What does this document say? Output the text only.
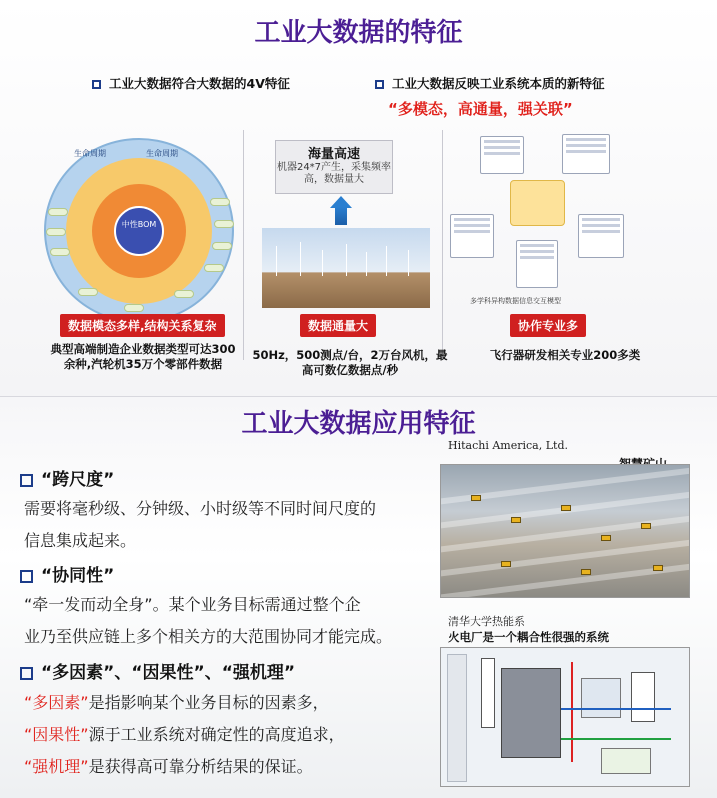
工业大数据的特征
工业大数据符合大数据的4V特征	工业大数据反映工业系统本质的新特征
“多模态，高通量，强关联”
生命周期	生命周期
中性BOM
海量高速
机器24*7产生，采集频率高，数据量大
多学科异构数据信息交互模型
数据模态多样,结构关系复杂	数据通量大	协作专业多
典型高端制造企业数据类型可达300余种,汽轮机35万个零部件数据
50Hz，500测点/台，2万台风机，最高可数亿数据点/秒
飞行器研发相关专业200多类
工业大数据应用特征
“跨尺度”
需要将毫秒级、分钟级、小时级等不同时间尺度的
信息集成起来。
“协同性”
“牵一发而动全身”。某个业务目标需通过整个企
业乃至供应链上多个相关方的大范围协同才能完成。
“多因素”、“因果性”、“强机理”
“多因素”是指影响某个业务目标的因素多，
“因果性”源于工业系统对确定性的高度追求，
“强机理”是获得高可靠分析结果的保证。
Hitachi America, Ltd.
清华大学热能系
火电厂是一个耦合性很强的系统
